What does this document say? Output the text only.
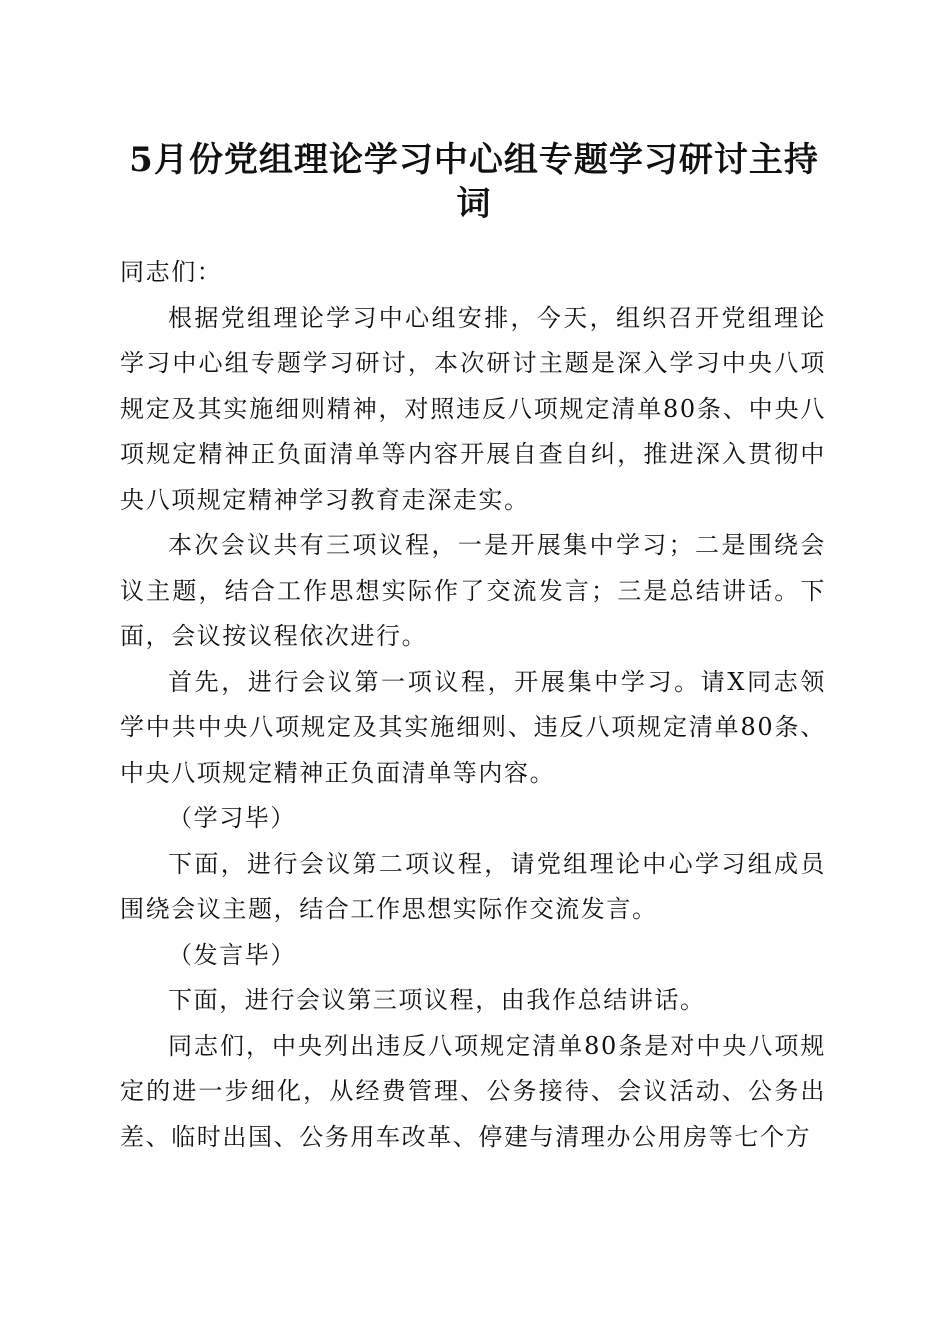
5月份党组理论学习中心组专题学习研讨主持词

同志们：

根据党组理论学习中心组安排，今天，组织召开党组理论学习中心组专题学习研讨，本次研讨主题是深入学习中央八项规定及其实施细则精神，对照违反八项规定清单80条、中央八项规定精神正负面清单等内容开展自查自纠，推进深入贯彻中央八项规定精神学习教育走深走实。

本次会议共有三项议程，一是开展集中学习；二是围绕会议主题，结合工作思想实际作了交流发言；三是总结讲话。下面，会议按议程依次进行。

首先，进行会议第一项议程，开展集中学习。请X同志领学中共中央八项规定及其实施细则、违反八项规定清单80条、中央八项规定精神正负面清单等内容。

（学习毕）

下面，进行会议第二项议程，请党组理论中心学习组成员围绕会议主题，结合工作思想实际作交流发言。

（发言毕）

下面，进行会议第三项议程，由我作总结讲话。

同志们，中央列出违反八项规定清单80条是对中央八项规定的进一步细化，从经费管理、公务接待、会议活动、公务出差、临时出国、公务用车改革、停建与清理办公用房等七个方
